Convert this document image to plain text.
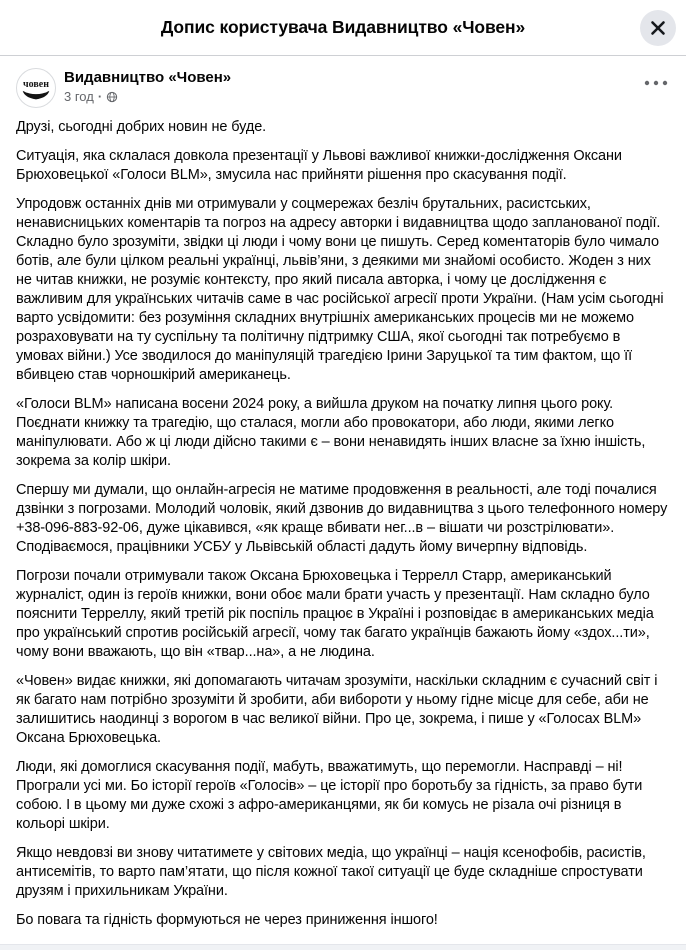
Допис користувача Видавництво «Човен»
човен Видавництво «Човен»
3 год ·

Друзі, сьогодні добрих новин не буде.

Ситуація, яка склалася довкола презентації у Львові важливої книжки-дослідження Оксани Брюховецької «Голоси BLM», змусила нас прийняти рішення про скасування події.

Упродовж останніх днів ми отримували у соцмережах безліч брутальних, расистських, ненависницьких коментарів та погроз на адресу авторки і видавництва щодо запланованої події. Складно було зрозуміти, звідки ці люди і чому вони це пишуть. Серед коментаторів було чимало ботів, але були цілком реальні українці, львів’яни, з деякими ми знайомі особисто. Жоден з них не читав книжки, не розуміє контексту, про який писала авторка, і чому це дослідження є важливим для українських читачів саме в час російської агресії проти України. (Нам усім сьогодні варто усвідомити: без розуміння складних внутрішніх американських процесів ми не можемо розраховувати на ту суспільну та політичну підтримку США, якої сьогодні так потребуємо в умовах війни.) Усе зводилося до маніпуляцій трагедією Ірини Заруцької та тим фактом, що її вбивцею став чорношкірий американець.

«Голоси BLM» написана восени 2024 року, а вийшла друком на початку липня цього року. Поєднати книжку та трагедію, що сталася, могли або провокатори, або люди, якими легко маніпулювати. Або ж ці люди дійсно такими є – вони ненавидять інших власне за їхню іншість, зокрема за колір шкіри.

Спершу ми думали, що онлайн-агресія не матиме продовження в реальності, але тоді почалися дзвінки з погрозами. Молодий чоловік, який дзвонив до видавництва з цього телефонного номеру +38-096-883-92-06, дуже цікавився, «як краще вбивати нег...в – вішати чи розстрілювати». Сподіваємося, працівники УСБУ у Львівській області дадуть йому вичерпну відповідь.

Погрози почали отримували також Оксана Брюховецька і Террелл Старр, американський журналіст, один із героїв книжки, вони обоє мали брати участь у презентації. Нам складно було пояснити Терреллу, який третій рік поспіль працює в Україні і розповідає в американських медіа про український спротив російській агресії, чому так багато українців бажають йому «здох...ти», чому вони вважають, що він «твар...на», а не людина.

«Човен» видає книжки, які допомагають читачам зрозуміти, наскільки складним є сучасний світ і як багато нам потрібно зрозуміти й зробити, аби вибороти у ньому гідне місце для себе, аби не залишитись наодинці з ворогом в час великої війни. Про це, зокрема, і пише у «Голосах BLM» Оксана Брюховецька.

Люди, які домоглися скасування події, мабуть, вважатимуть, що перемогли. Насправді – ні! Програли усі ми. Бо історії героїв «Голосів» – це історії про боротьбу за гідність, за право бути собою. І в цьому ми дуже схожі з афро-американцями, як би комусь не різала очі різниця в кольорі шкіри.

Якщо невдовзі ви знову читатимете у світових медіа, що українці – нація ксенофобів, расистів, антисемітів, то варто пам’ятати, що після кожної такої ситуації це буде складніше спростувати друзям і прихильникам України.

Бо повага та гідність формуються не через приниження іншого!
